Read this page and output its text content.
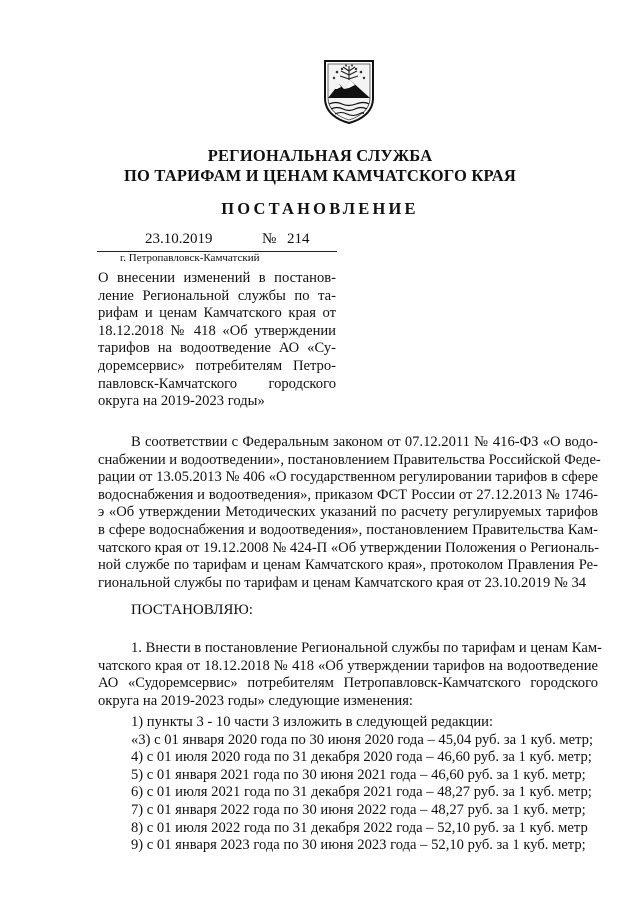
РЕГИОНАЛЬНАЯ СЛУЖБА
ПО ТАРИФАМ И ЦЕНАМ КАМЧАТСКОГО КРАЯ
ПОСТАНОВЛЕНИЕ
23.10.2019	№ 214
г. Петропавловск-Камчатский

О внесении изменений в постанов-
ление Региональной службы по та-
рифам и ценам Камчатского края от
18.12.2018 № 418 «Об утверждении
тарифов на водоотведение АО «Су-
доремсервис» потребителям Петро-
павловск-Камчатского городского
округа на 2019-2023 годы»

В соответствии с Федеральным законом от 07.12.2011 № 416-ФЗ «О водо-
снабжении и водоотведении», постановлением Правительства Российской Феде-
рации от 13.05.2013 № 406 «О государственном регулировании тарифов в сфере
водоснабжения и водоотведения», приказом ФСТ России от 27.12.2013 № 1746-
э «Об утверждении Методических указаний по расчету регулируемых тарифов
в сфере водоснабжения и водоотведения», постановлением Правительства Кам-
чатского края от 19.12.2008 № 424-П «Об утверждении Положения о Региональ-
ной службе по тарифам и ценам Камчатского края», протоколом Правления Ре-
гиональной службы по тарифам и ценам Камчатского края от 23.10.2019 № 34

ПОСТАНОВЛЯЮ:

1. Внести в постановление Региональной службы по тарифам и ценам Кам-
чатского края от 18.12.2018 № 418 «Об утверждении тарифов на водоотведение
АО «Судоремсервис» потребителям Петропавловск-Камчатского городского
округа на 2019-2023 годы» следующие изменения:

1) пункты 3 - 10 части 3 изложить в следующей редакции:
«3) с 01 января 2020 года по 30 июня 2020 года – 45,04 руб. за 1 куб. метр;
4) с 01 июля 2020 года по 31 декабря 2020 года – 46,60 руб. за 1 куб. метр;
5) с 01 января 2021 года по 30 июня 2021 года – 46,60 руб. за 1 куб. метр;
6) с 01 июля 2021 года по 31 декабря 2021 года – 48,27 руб. за 1 куб. метр;
7) с 01 января 2022 года по 30 июня 2022 года – 48,27 руб. за 1 куб. метр;
8) с 01 июля 2022 года по 31 декабря 2022 года – 52,10 руб. за 1 куб. метр
9) с 01 января 2023 года по 30 июня 2023 года – 52,10 руб. за 1 куб. метр;
